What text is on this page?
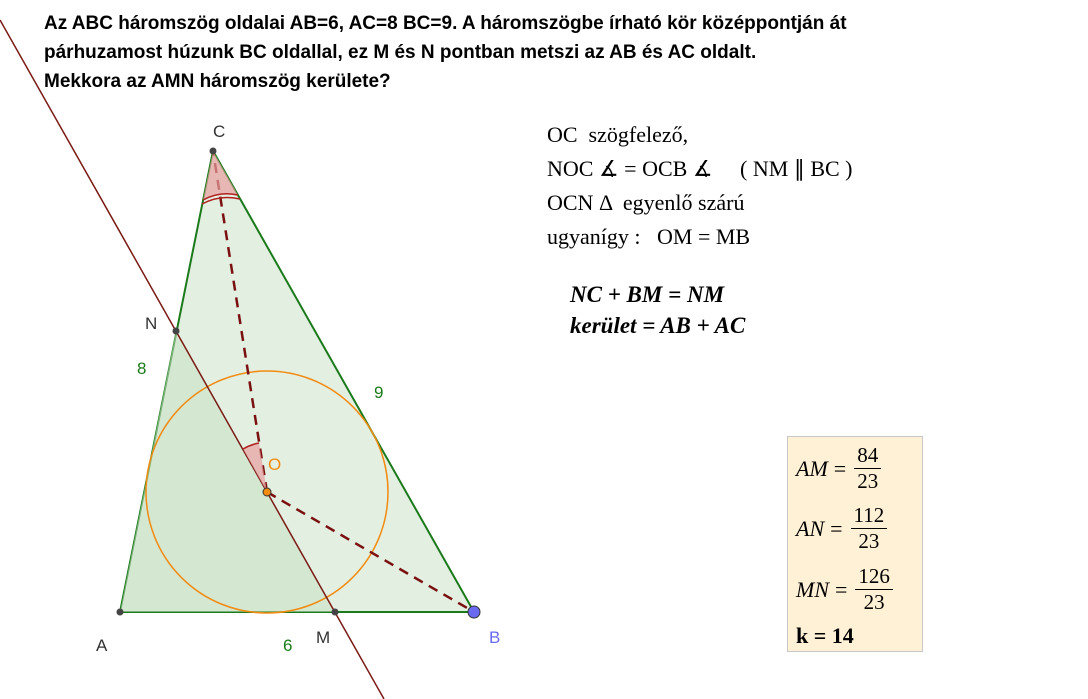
Az ABC háromszög oldalai AB=6, AC=8 BC=9. A háromszögbe írható kör középpontján át
párhuzamost húzunk BC oldallal, ez M és N pontban metszi az AB és AC oldalt.
Mekkora az AMN háromszög kerülete?
A	B
C
N
M
O
8
9
6
OC  szögfelező,
NOC ∡ = OCB ∡     ( NM ∥ BC )
OCN Δ  egyenlő szárú
ugyanígy :   OM = MB
NC + BM = NM
kerület = AB + AC
AM = $\frac{84}{23}$
AN = $\frac{112}{23}$
MN = $\frac{126}{23}$
k = 14
